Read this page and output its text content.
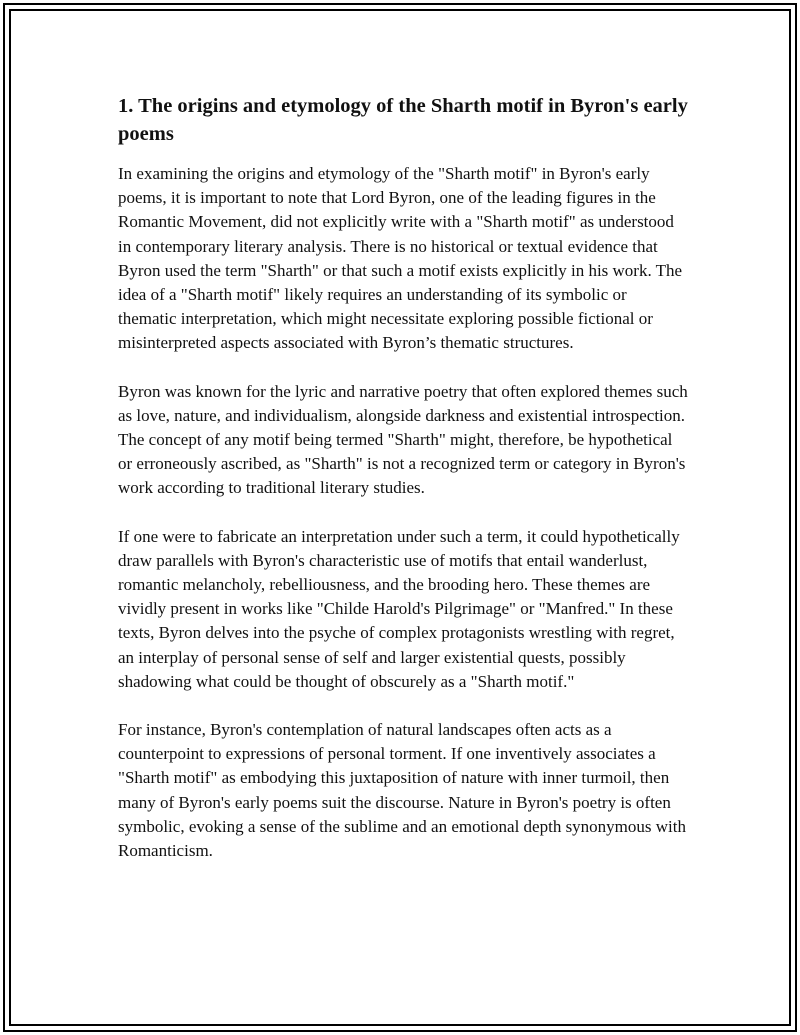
1. The origins and etymology of the Sharth motif in Byron's early poems

In examining the origins and etymology of the "Sharth motif" in Byron's early poems, it is important to note that Lord Byron, one of the leading figures in the Romantic Movement, did not explicitly write with a "Sharth motif" as understood in contemporary literary analysis. There is no historical or textual evidence that Byron used the term "Sharth" or that such a motif exists explicitly in his work. The idea of a "Sharth motif" likely requires an understanding of its symbolic or thematic interpretation, which might necessitate exploring possible fictional or misinterpreted aspects associated with Byron’s thematic structures.

Byron was known for the lyric and narrative poetry that often explored themes such as love, nature, and individualism, alongside darkness and existential introspection. The concept of any motif being termed "Sharth" might, therefore, be hypothetical or erroneously ascribed, as "Sharth" is not a recognized term or category in Byron's work according to traditional literary studies.

If one were to fabricate an interpretation under such a term, it could hypothetically draw parallels with Byron's characteristic use of motifs that entail wanderlust, romantic melancholy, rebelliousness, and the brooding hero. These themes are vividly present in works like "Childe Harold's Pilgrimage" or "Manfred." In these texts, Byron delves into the psyche of complex protagonists wrestling with regret, an interplay of personal sense of self and larger existential quests, possibly shadowing what could be thought of obscurely as a "Sharth motif."

For instance, Byron's contemplation of natural landscapes often acts as a counterpoint to expressions of personal torment. If one inventively associates a "Sharth motif" as embodying this juxtaposition of nature with inner turmoil, then many of Byron's early poems suit the discourse. Nature in Byron's poetry is often symbolic, evoking a sense of the sublime and an emotional depth synonymous with Romanticism.
